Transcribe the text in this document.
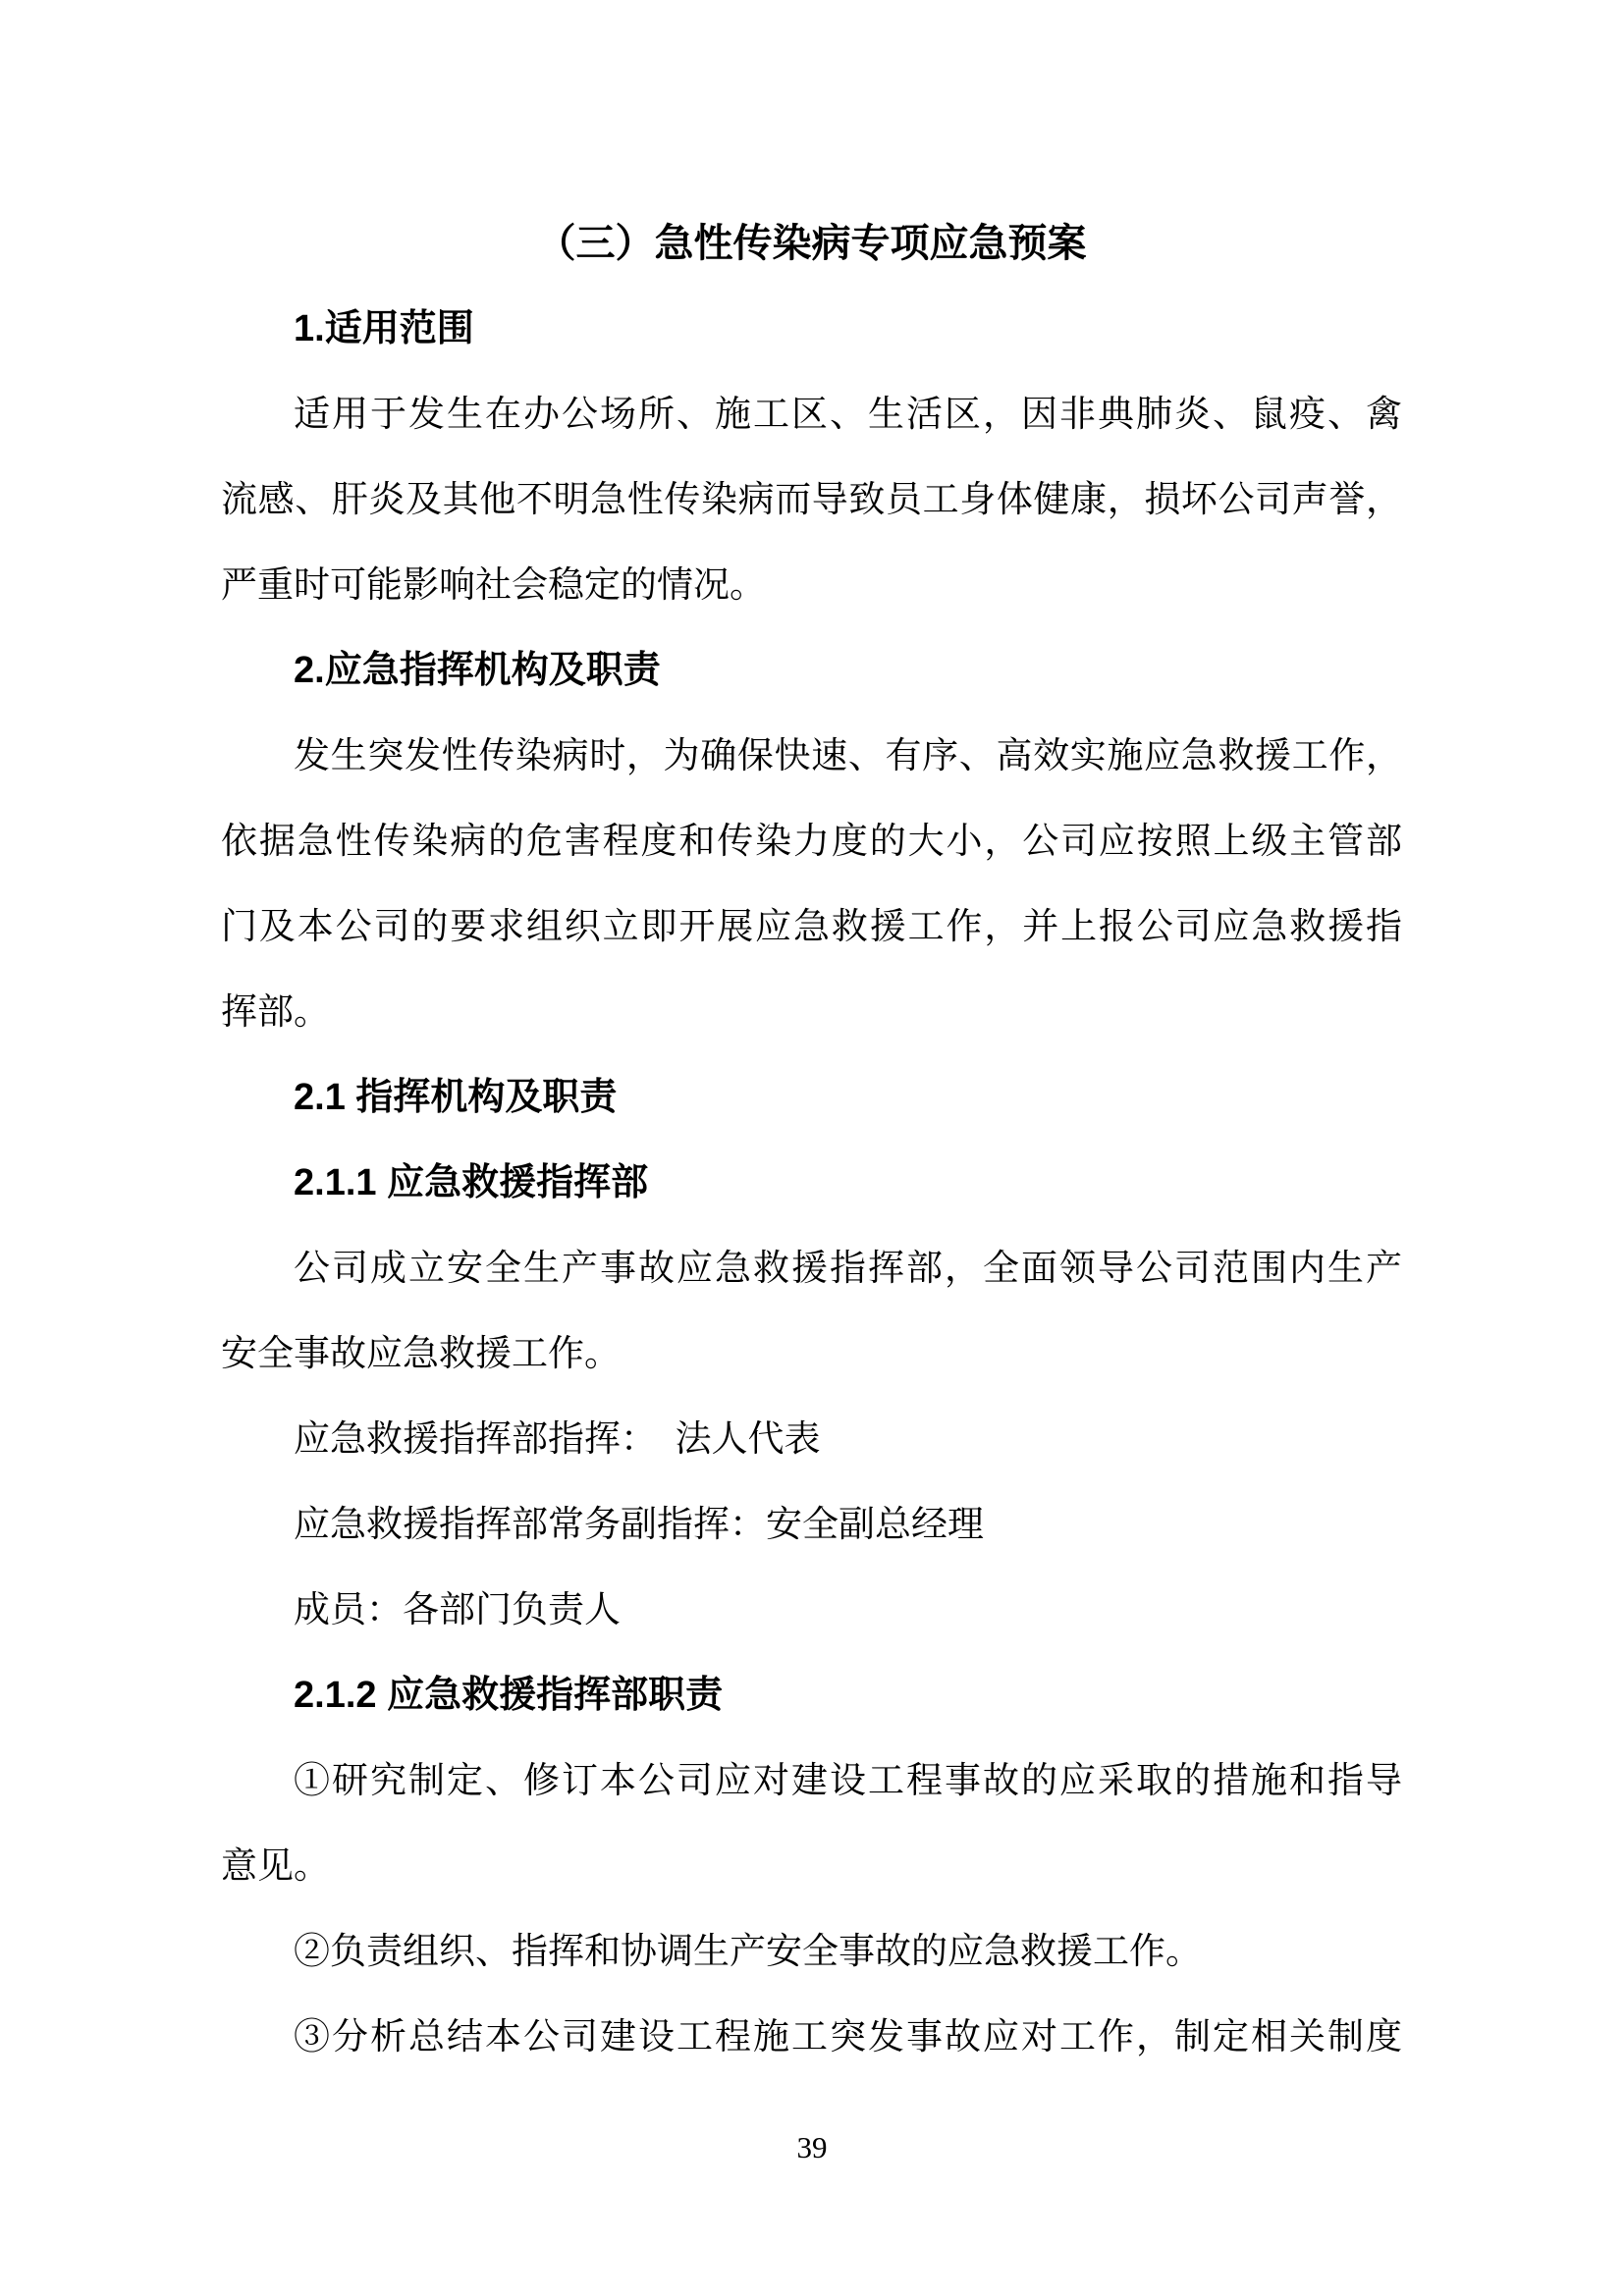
（三）急性传染病专项应急预案
1.适用范围
适用于发生在办公场所、施工区、生活区，因非典肺炎、鼠疫、禽
流感、肝炎及其他不明急性传染病而导致员工身体健康，损坏公司声誉，
严重时可能影响社会稳定的情况。
2.应急指挥机构及职责
发生突发性传染病时，为确保快速、有序、高效实施应急救援工作，
依据急性传染病的危害程度和传染力度的大小，公司应按照上级主管部
门及本公司的要求组织立即开展应急救援工作，并上报公司应急救援指
挥部。
2.1 指挥机构及职责
2.1.1 应急救援指挥部
公司成立安全生产事故应急救援指挥部，全面领导公司范围内生产
安全事故应急救援工作。
应急救援指挥部指挥：　法人代表
应急救援指挥部常务副指挥：安全副总经理
成员：各部门负责人
2.1.2 应急救援指挥部职责
①研究制定、修订本公司应对建设工程事故的应采取的措施和指导
意见。
②负责组织、指挥和协调生产安全事故的应急救援工作。
③分析总结本公司建设工程施工突发事故应对工作，制定相关制度
39
